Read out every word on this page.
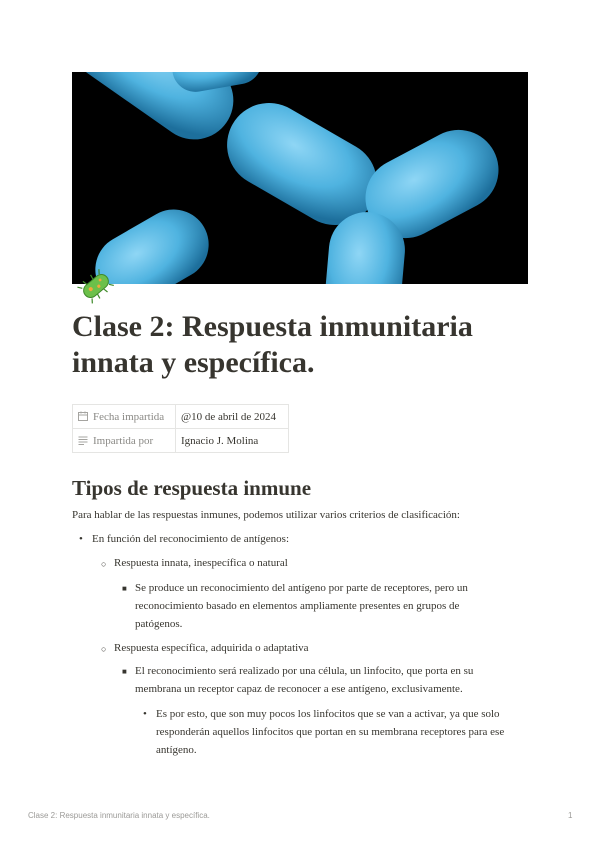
Clase 2: Respuesta inmunitaria
innata y específica.
Fecha impartida	@10 de abril de 2024
Impartida por	Ignacio J. Molina
Tipos de respuesta inmune

Para hablar de las respuestas inmunes, podemos utilizar varios criterios de clasificación:

• En función del reconocimiento de antígenos:

○ Respuesta innata, inespecífica o natural

■ Se produce un reconocimiento del antígeno por parte de receptores, pero un

reconocimiento basado en elementos ampliamente presentes en grupos de

patógenos.

○ Respuesta específica, adquirida o adaptativa

■ El reconocimiento será realizado por una célula, un linfocito, que porta en su

membrana un receptor capaz de reconocer a ese antígeno, exclusivamente.

• Es por esto, que son muy pocos los linfocitos que se van a activar, ya que solo

responderán aquellos linfocitos que portan en su membrana receptores para ese

antígeno.

Clase 2: Respuesta inmunitaria innata y específica.	1
